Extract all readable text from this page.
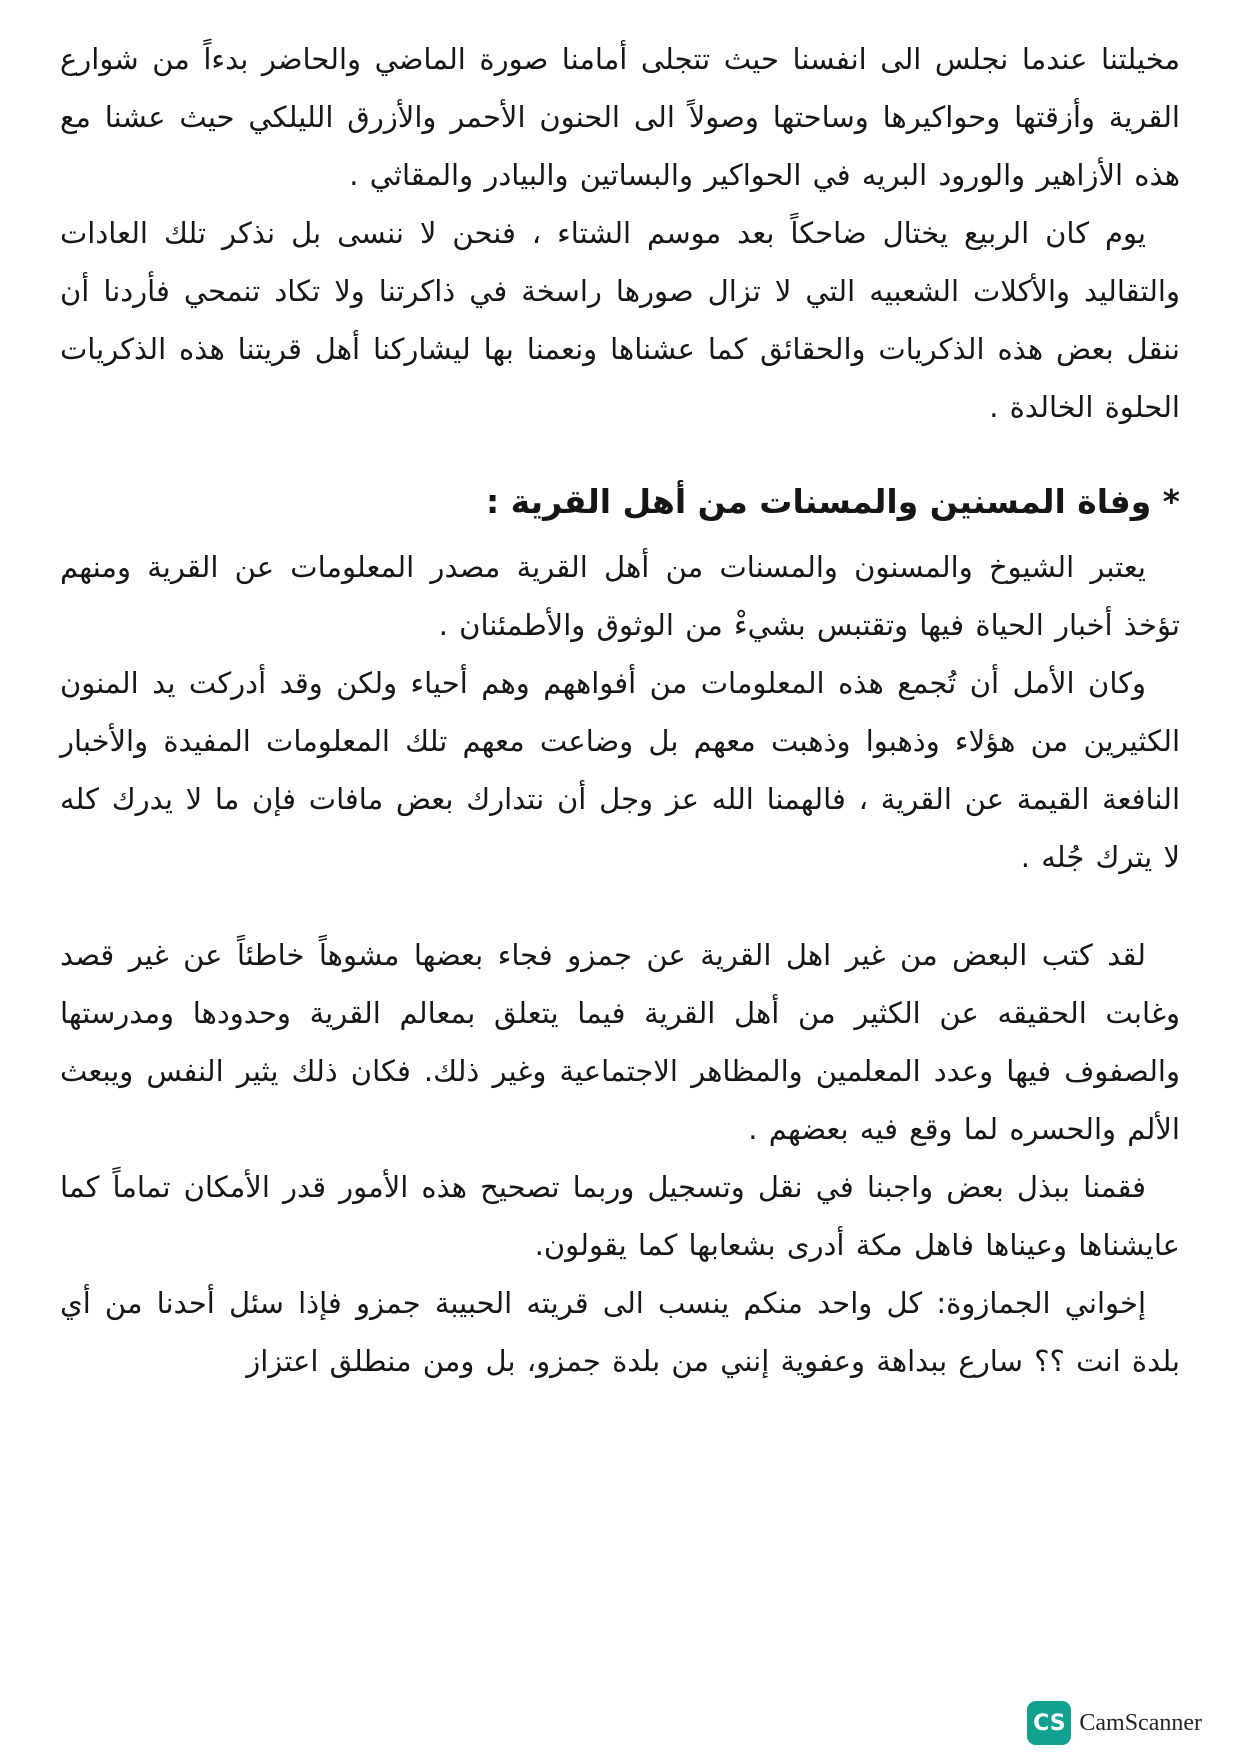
مخيلتنا عندما نجلس الى انفسنا حيث تتجلى أمامنا صورة الماضي والحاضر بدءاً من شوارع القرية وأزقتها وحواكيرها وساحتها وصولاً الى الحنون الأحمر والأزرق الليلكي حيث عشنا مع هذه الأزاهير والورود البريه في الحواكير والبساتين والبيادر والمقاثي .

يوم كان الربيع يختال ضاحكاً بعد موسم الشتاء ، فنحن لا ننسى بل نذكر تلك العادات والتقاليد والأكلات الشعبيه التي لا تزال صورها راسخة في ذاكرتنا ولا تكاد تنمحي فأردنا أن ننقل بعض هذه الذكريات والحقائق كما عشناها ونعمنا بها ليشاركنا أهل قريتنا هذه الذكريات الحلوة الخالدة .

* وفاة المسنين والمسنات من أهل القرية :

يعتبر الشيوخ والمسنون والمسنات من أهل القرية مصدر المعلومات عن القرية ومنهم تؤخذ أخبار الحياة فيها وتقتبس بشيءْ من الوثوق والأطمئنان .

وكان الأمل أن تُجمع هذه المعلومات من أفواههم وهم أحياء ولكن وقد أدركت يد المنون الكثيرين من هؤلاء وذهبوا وذهبت معهم بل وضاعت معهم تلك المعلومات المفيدة والأخبار النافعة القيمة عن القرية ، فالهمنا الله عز وجل أن نتدارك بعض مافات فإن ما لا يدرك كله لا يترك جُله .

لقد كتب البعض من غير اهل القرية عن جمزو فجاء بعضها مشوهاً خاطئاً عن غير قصد وغابت الحقيقه عن الكثير من أهل القرية فيما يتعلق بمعالم القرية وحدودها ومدرستها والصفوف فيها وعدد المعلمين والمظاهر الاجتماعية وغير ذلك. فكان ذلك يثير النفس ويبعث الألم والحسره لما وقع فيه بعضهم .

فقمنا ببذل بعض واجبنا في نقل وتسجيل وربما تصحيح هذه الأمور قدر الأمكان تماماً كما عايشناها وعيناها فاهل مكة أدرى بشعابها كما يقولون.

إخواني الجمازوة: كل واحد منكم ينسب الى قريته الحبيبة جمزو فإذا سئل أحدنا من أي بلدة انت ؟؟ سارع ببداهة وعفوية إنني من بلدة جمزو، بل ومن منطلق اعتزاز

CS CamScanner
